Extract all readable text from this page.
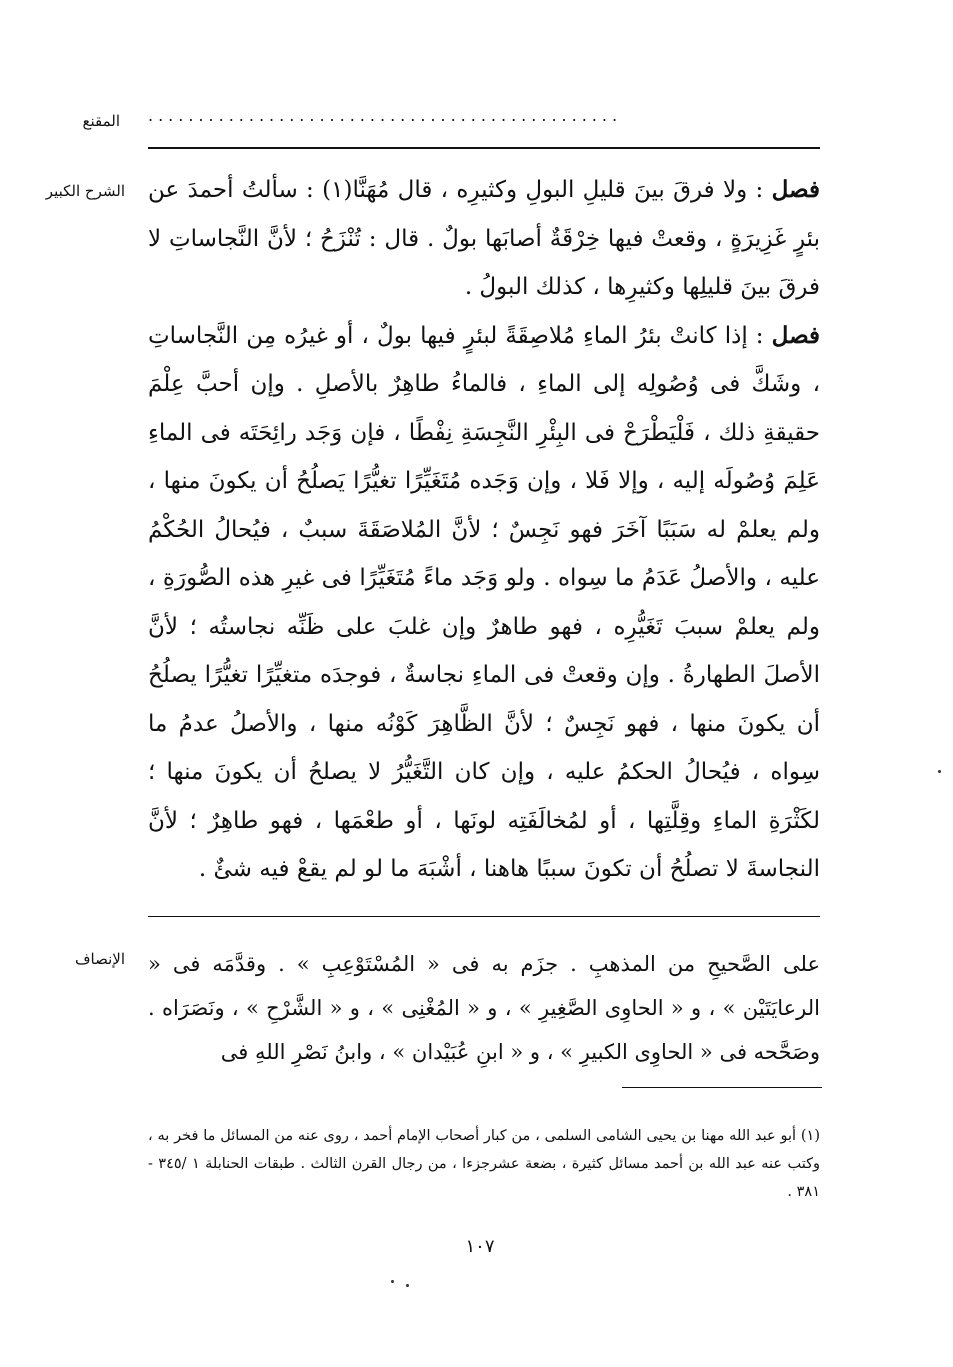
المقنع ...............................................
الشرح الكبير	فصل : ولا فرقَ بينَ قليلِ البولِ وكثيرِه ، قال مُهَنَّا(١) : سألتُ أحمدَ عن بئرٍ غَزِيرَةٍ ، وقعتْ فيها خِرْقَةٌ أصابَها بولٌ . قال : تُنْزَحُ ؛ لأنَّ النَّجاساتِ لا فرقَ بينَ قليلِها وكثيرِها ، كذلك البولُ .

فصل : إذا كانتْ بئرُ الماءِ مُلاصِقَةً لبئرٍ فيها بولٌ ، أو غيرُه مِن النَّجاساتِ ، وشَكَّ فى وُصُولِه إلى الماءِ ، فالماءُ طاهِرٌ بالأصلِ . وإن أحبَّ عِلْمَ حقيقةِ ذلك ، فَلْيَطْرَحْ فى البِئْرِ النَّجِسَةِ نِفْطًا ، فإن وَجَد رائِحَتَه فى الماءِ عَلِمَ وُصُولَه إليه ، وإلا فَلا ، وإن وَجَده مُتَغَيِّرًا تغيُّرًا يَصلُحُ أن يكونَ منها ، ولم يعلمْ له سَبَبًا آخَرَ فهو نَجِسٌ ؛ لأنَّ المُلاصَقَةَ سببٌ ، فيُحالُ الحُكْمُ عليه ، والأصلُ عَدَمُ ما سِواه . ولو وَجَد ماءً مُتَغَيِّرًا فى غيرِ هذه الصُّورَةِ ، ولم يعلمْ سببَ تَغَيُّرِه ، فهو طاهرٌ وإن غلبَ على ظَنِّه نجاستُه ؛ لأنَّ الأصلَ الطهارةُ . وإن وقعتْ فى الماءِ نجاسةٌ ، فوجدَه متغيِّرًا تغيُّرًا يصلُحُ أن يكونَ منها ، فهو نَجِسٌ ؛ لأنَّ الظَّاهِرَ كَوْنُه منها ، والأصلُ عدمُ ما سِواه ، فيُحالُ الحكمُ عليه ، وإن كان التَّغَيُّرُ لا يصلحُ أن يكونَ منها ؛ لكَثْرَةِ الماءِ وقِلَّتِها ، أو لمُخالَفَتِه لونَها ، أو طعْمَها ، فهو طاهِرٌ ؛ لأنَّ النجاسةَ لا تصلُحُ أن تكونَ سببًا هاهنا ، أشْبَهَ ما لو لم يقعْ فيه شئٌ .

الإنصاف على الصَّحيحِ من المذهبِ . جزَم به فى « المُسْتَوْعِبِ » . وقدَّمَه فى « الرعايَتَيْن » ، و « الحاوِى الصَّغِيرِ » ، و « المُغْنِى » ، و « الشَّرْحِ » ، ونَصَرَاه . وصَحَّحه فى « الحاوِى الكبيرِ » ، و « ابنِ عُبَيْدان » ، وابنُ نَصْرِ اللهِ فى

(١) أبو عبد الله مهنا بن يحيى الشامى السلمى ، من كبار أصحاب الإمام أحمد ، روى عنه من المسائل ما فخر به ، وكتب عنه عبد الله بن أحمد مسائل كثيرة ، بضعة عشرجزءا ، من رجال القرن الثالث . طبقات الحنابلة ١ /٣٤٥ - ٣٨١ .

١٠٧
